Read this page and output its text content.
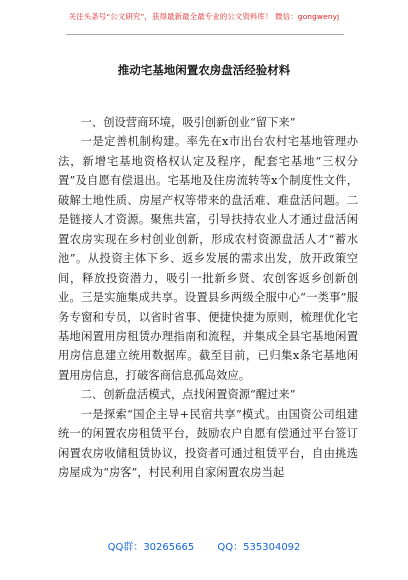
关注头条号“公文研究”，获得最新最全最专业的公文资料库！ 微信：gongwenyj
推动宅基地闲置农房盘活经验材料

一、创设营商环境，吸引创新创业“留下来”

一是定善机制构建。率先在x市出台农村宅基地管理办法，新增宅基地资格权认定及程序，配套宅基地“三权分置”及自愿有偿退出。宅基地及住房流转等x个制度性文件，破解土地性质、房屋产权等带来的盘活难、难盘活问题。二是链接人才资源。聚焦共富，引导扶持农业人才通过盘活闲置农房实现在乡村创业创新，形成农村资源盘活人才“蓄水池”。从投资主体下乡、返乡发展的需求出发，放开政策空间，释放投资潜力，吸引一批新乡贤、农创客返乡创新创业。三是实施集成共享。设置县乡两级全服中心“一类事”服务专窗和专员，以省时省事、便捷快捷为原则，梳理优化宅基地闲置用房租赁办理指南和流程，并集成全县宅基地闲置用房信息建立统用数据库。截至目前，已归集x条宅基地闲置用房信息，打破客商信息孤岛效应。

二、创新盘活模式，点找闲置资源“醒过来”

一是探索“国企主导+民宿共享”模式。由国资公司组建统一的闲置农房租赁平台，鼓励农户自愿有偿通过平台签订闲置农房收储租赁协议，投资者可通过租赁平台，自由挑选房屋成为“房客”，村民利用自家闲置农房当起

QQ群：30265665 QQ：535304092
